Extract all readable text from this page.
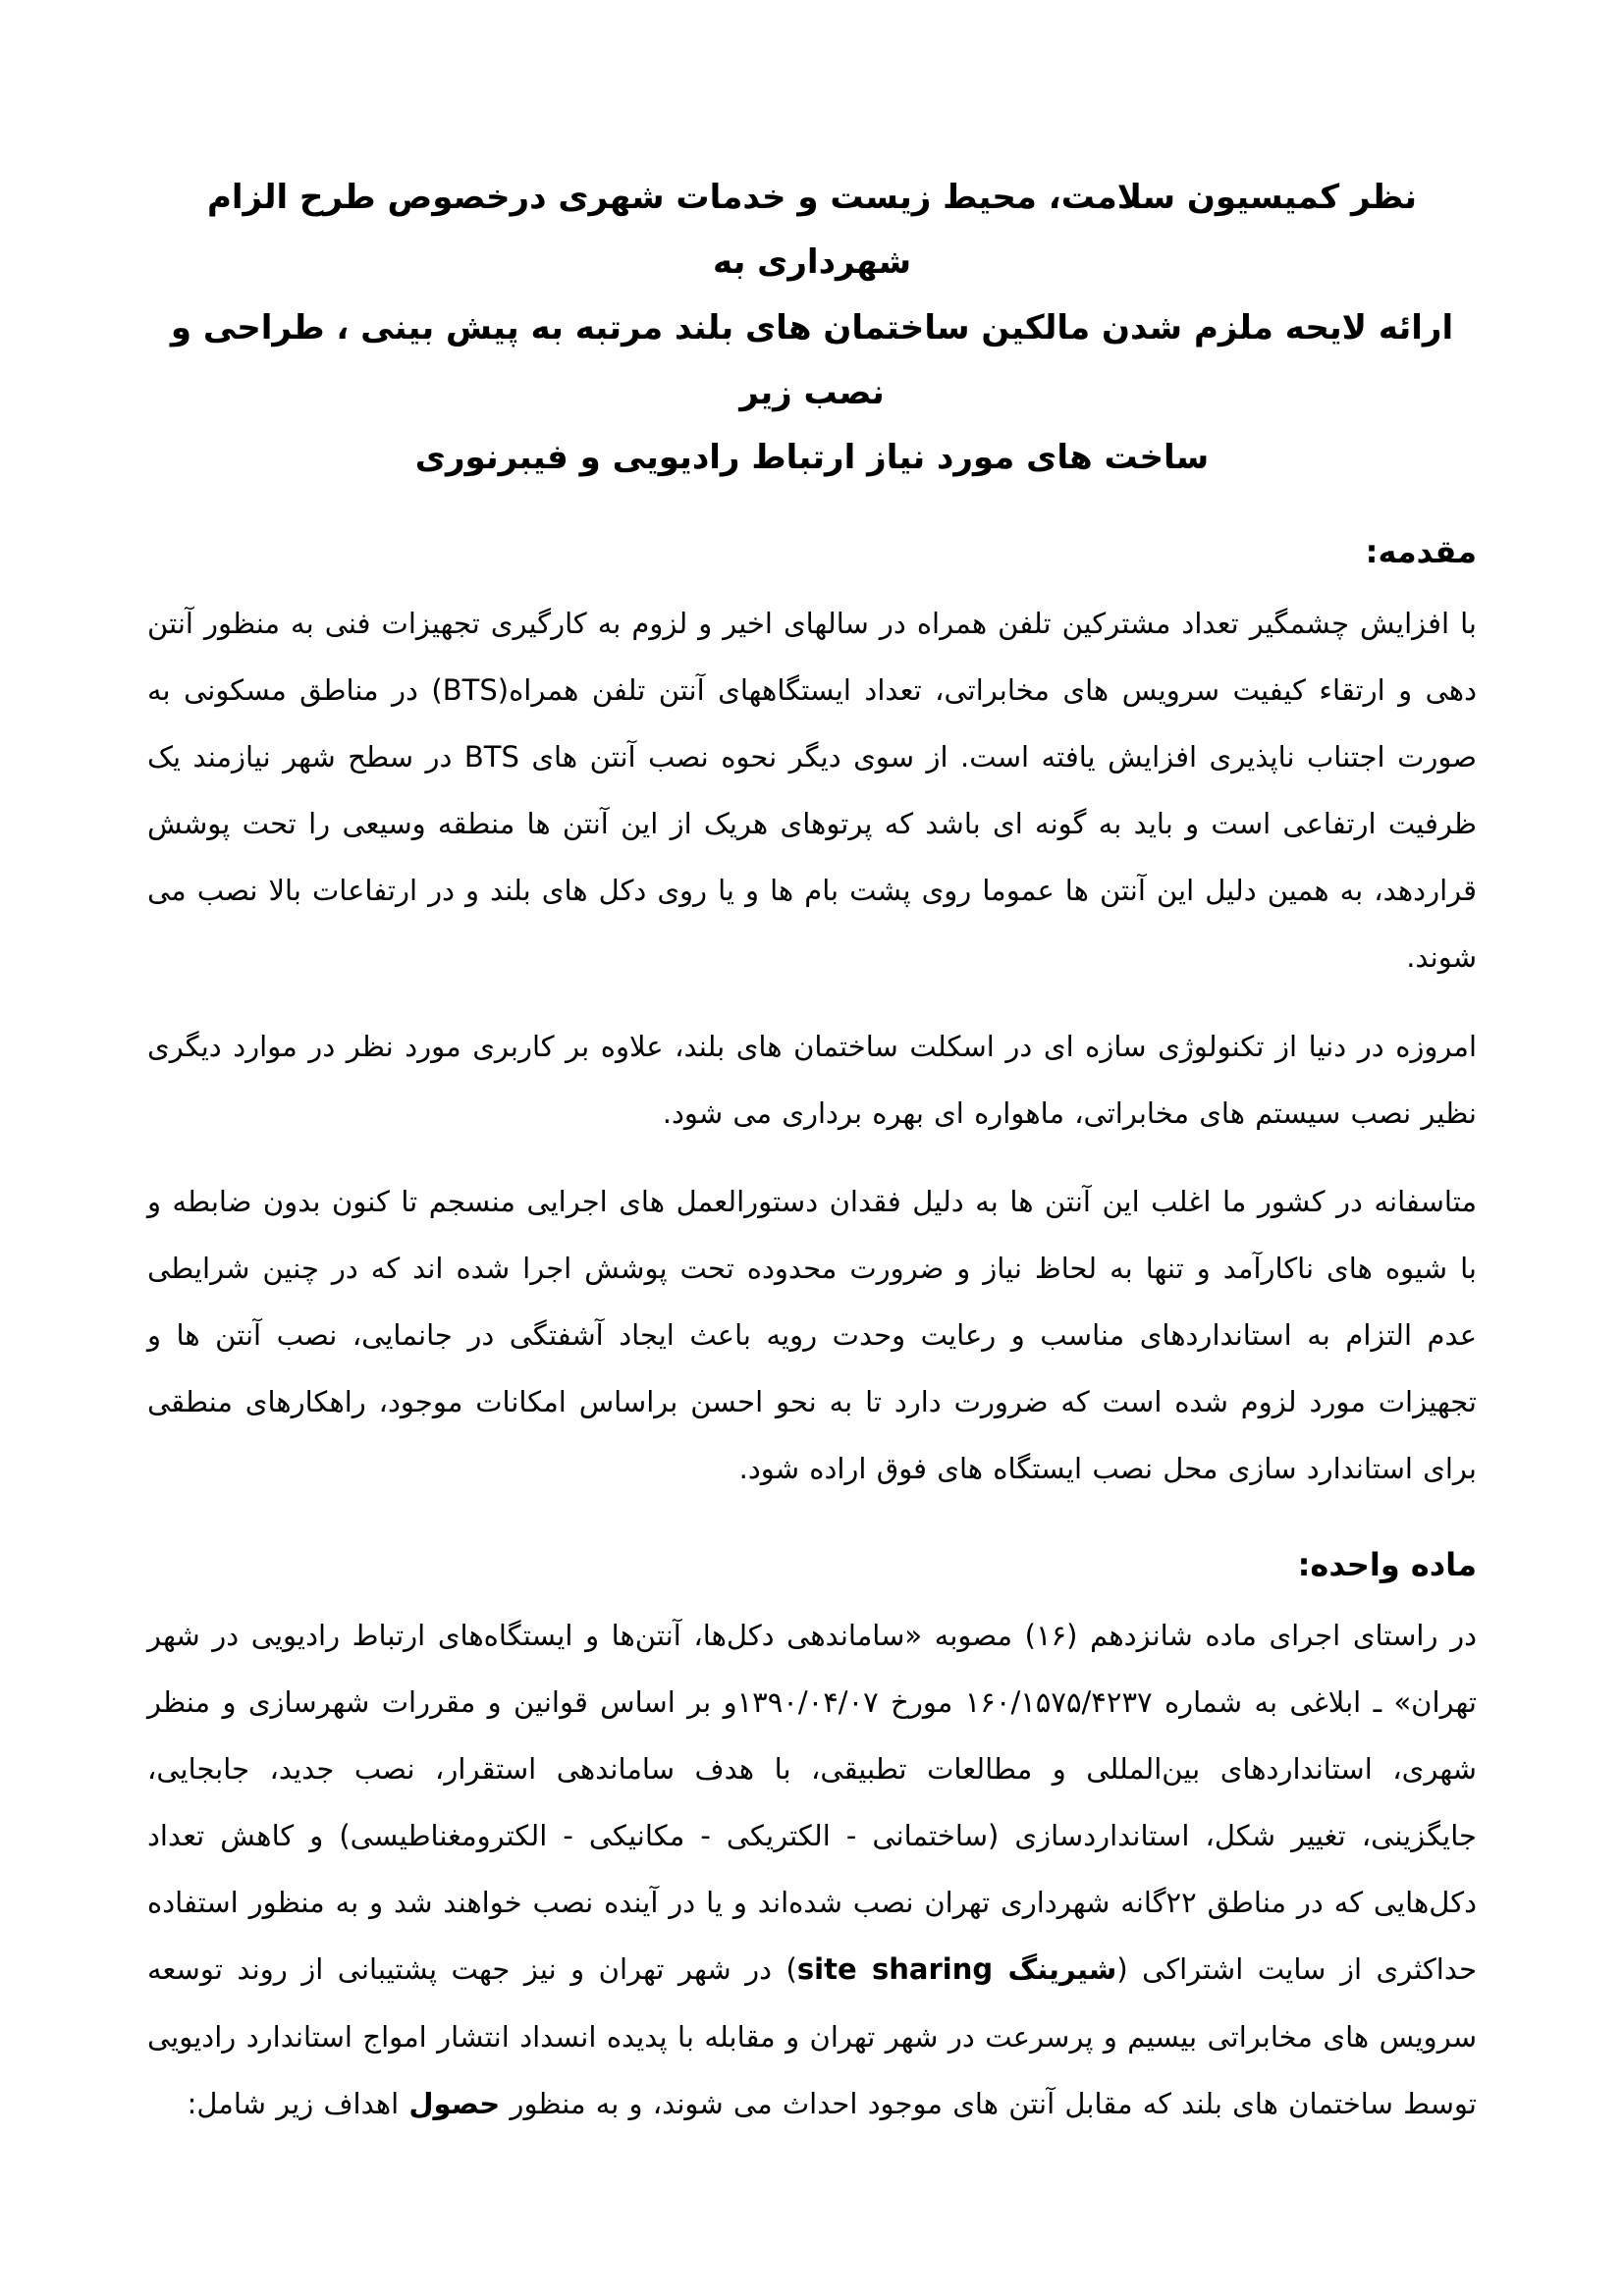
نظر کمیسیون سلامت، محیط زیست و خدمات شهری درخصوص طرح الزام شهرداری به
ارائه لایحه ملزم شدن مالکین ساختمان های بلند مرتبه به پیش بینی ، طراحی و نصب زیر
ساخت های مورد نیاز ارتباط رادیویی و فیبرنوری
مقدمه:

با افزایش چشمگیر تعداد مشترکین تلفن همراه در سالهای اخیر و لزوم به کارگیری تجهیزات فنی به منظور آنتن دهی و ارتقاء کیفیت سرویس های مخابراتی، تعداد ایستگاههای آنتن تلفن همراه(BTS) در مناطق مسکونی به صورت اجتناب ناپذیری افزایش یافته است. از سوی دیگر نحوه نصب آنتن های BTS در سطح شهر نیازمند یک ظرفیت ارتفاعی است و باید به گونه ای باشد که پرتوهای هریک از این آنتن ها منطقه وسیعی را تحت پوشش قراردهد، به همین دلیل این آنتن ها عموما روی پشت بام ها و یا روی دکل های بلند و در ارتفاعات بالا نصب می شوند.

امروزه در دنیا از تکنولوژی سازه ای در اسکلت ساختمان های بلند، علاوه بر کاربری مورد نظر در موارد دیگری نظیر نصب سیستم های مخابراتی، ماهواره ای بهره برداری می شود.

متاسفانه در کشور ما اغلب این آنتن ها به دلیل فقدان دستورالعمل های اجرایی منسجم تا کنون بدون ضابطه و با شیوه های ناکارآمد و تنها به لحاظ نیاز و ضرورت محدوده تحت پوشش اجرا شده اند که در چنین شرایطی عدم التزام به استانداردهای مناسب و رعایت وحدت رویه باعث ایجاد آشفتگی در جانمایی، نصب آنتن ها و تجهیزات مورد لزوم شده است که ضرورت دارد تا به نحو احسن براساس امکانات موجود، راهکارهای منطقی برای استاندارد سازی محل نصب ایستگاه های فوق اراده شود.

ماده واحده:

در راستای اجرای ماده شانزدهم (۱۶) مصوبه «ساماندهی دکل‌ها، آنتن‌ها و ایستگاه‌های ارتباط رادیویی در شهر تهران» ـ ابلاغی به شماره ۱۶۰/۱۵۷۵/۴۲۳۷ مورخ ۱۳۹۰/۰۴/۰۷و بر اساس قوانین و مقررات شهرسازی و منظر شهری، استانداردهای بین‌المللی و مطالعات تطبیقی، با هدف ساماندهی استقرار، نصب جدید، جابجایی، جایگزینی، تغییر شکل، استانداردسازی (ساختمانی - الکتریکی - مکانیکی - الکترومغناطیسی) و کاهش تعداد دکل‌هایی که در مناطق ۲۲گانه شهرداری تهران نصب شده‌اند و یا در آینده نصب خواهند شد و به منظور استفاده حداکثری از سایت اشتراکی (شیرینگ site sharing) در شهر تهران و نیز جهت پشتیبانی از روند توسعه سرویس های مخابراتی بیسیم و پرسرعت در شهر تهران و مقابله با پدیده انسداد انتشار امواج استاندارد رادیویی توسط ساختمان های بلند که مقابل آنتن های موجود احداث می شوند، و به منظور حصول اهداف زیر شامل:
